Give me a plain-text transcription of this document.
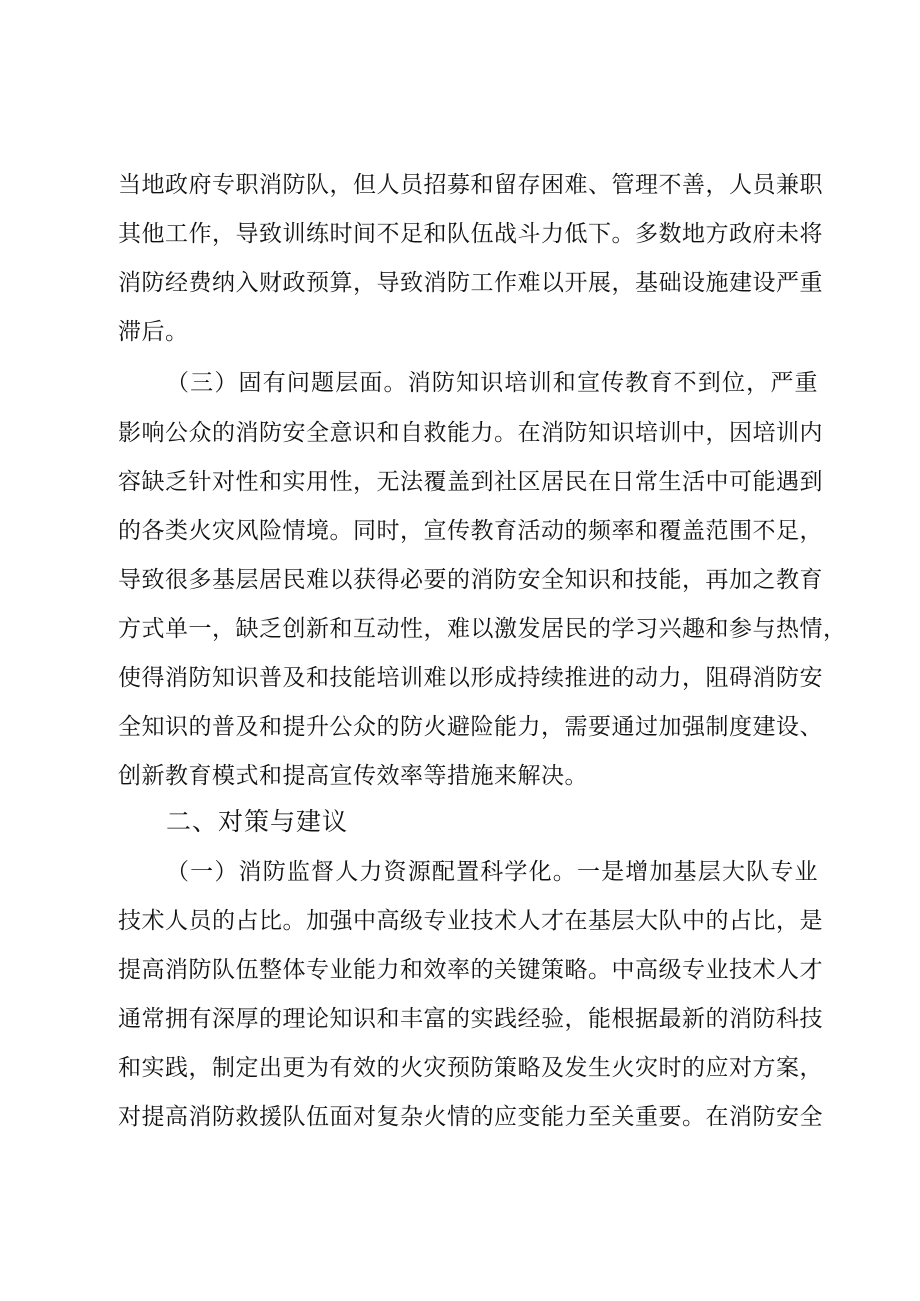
当地政府专职消防队，但人员招募和留存困难、管理不善，人员兼职
其他工作，导致训练时间不足和队伍战斗力低下。多数地方政府未将
消防经费纳入财政预算，导致消防工作难以开展，基础设施建设严重
滞后。
（三）固有问题层面。消防知识培训和宣传教育不到位，严重
影响公众的消防安全意识和自救能力。在消防知识培训中，因培训内
容缺乏针对性和实用性，无法覆盖到社区居民在日常生活中可能遇到
的各类火灾风险情境。同时，宣传教育活动的频率和覆盖范围不足，
导致很多基层居民难以获得必要的消防安全知识和技能，再加之教育
方式单一，缺乏创新和互动性，难以激发居民的学习兴趣和参与热情，
使得消防知识普及和技能培训难以形成持续推进的动力，阻碍消防安
全知识的普及和提升公众的防火避险能力，需要通过加强制度建设、
创新教育模式和提高宣传效率等措施来解决。
二、对策与建议
（一）消防监督人力资源配置科学化。一是增加基层大队专业
技术人员的占比。加强中高级专业技术人才在基层大队中的占比，是
提高消防队伍整体专业能力和效率的关键策略。中高级专业技术人才
通常拥有深厚的理论知识和丰富的实践经验，能根据最新的消防科技
和实践，制定出更为有效的火灾预防策略及发生火灾时的应对方案，
对提高消防救援队伍面对复杂火情的应变能力至关重要。在消防安全
